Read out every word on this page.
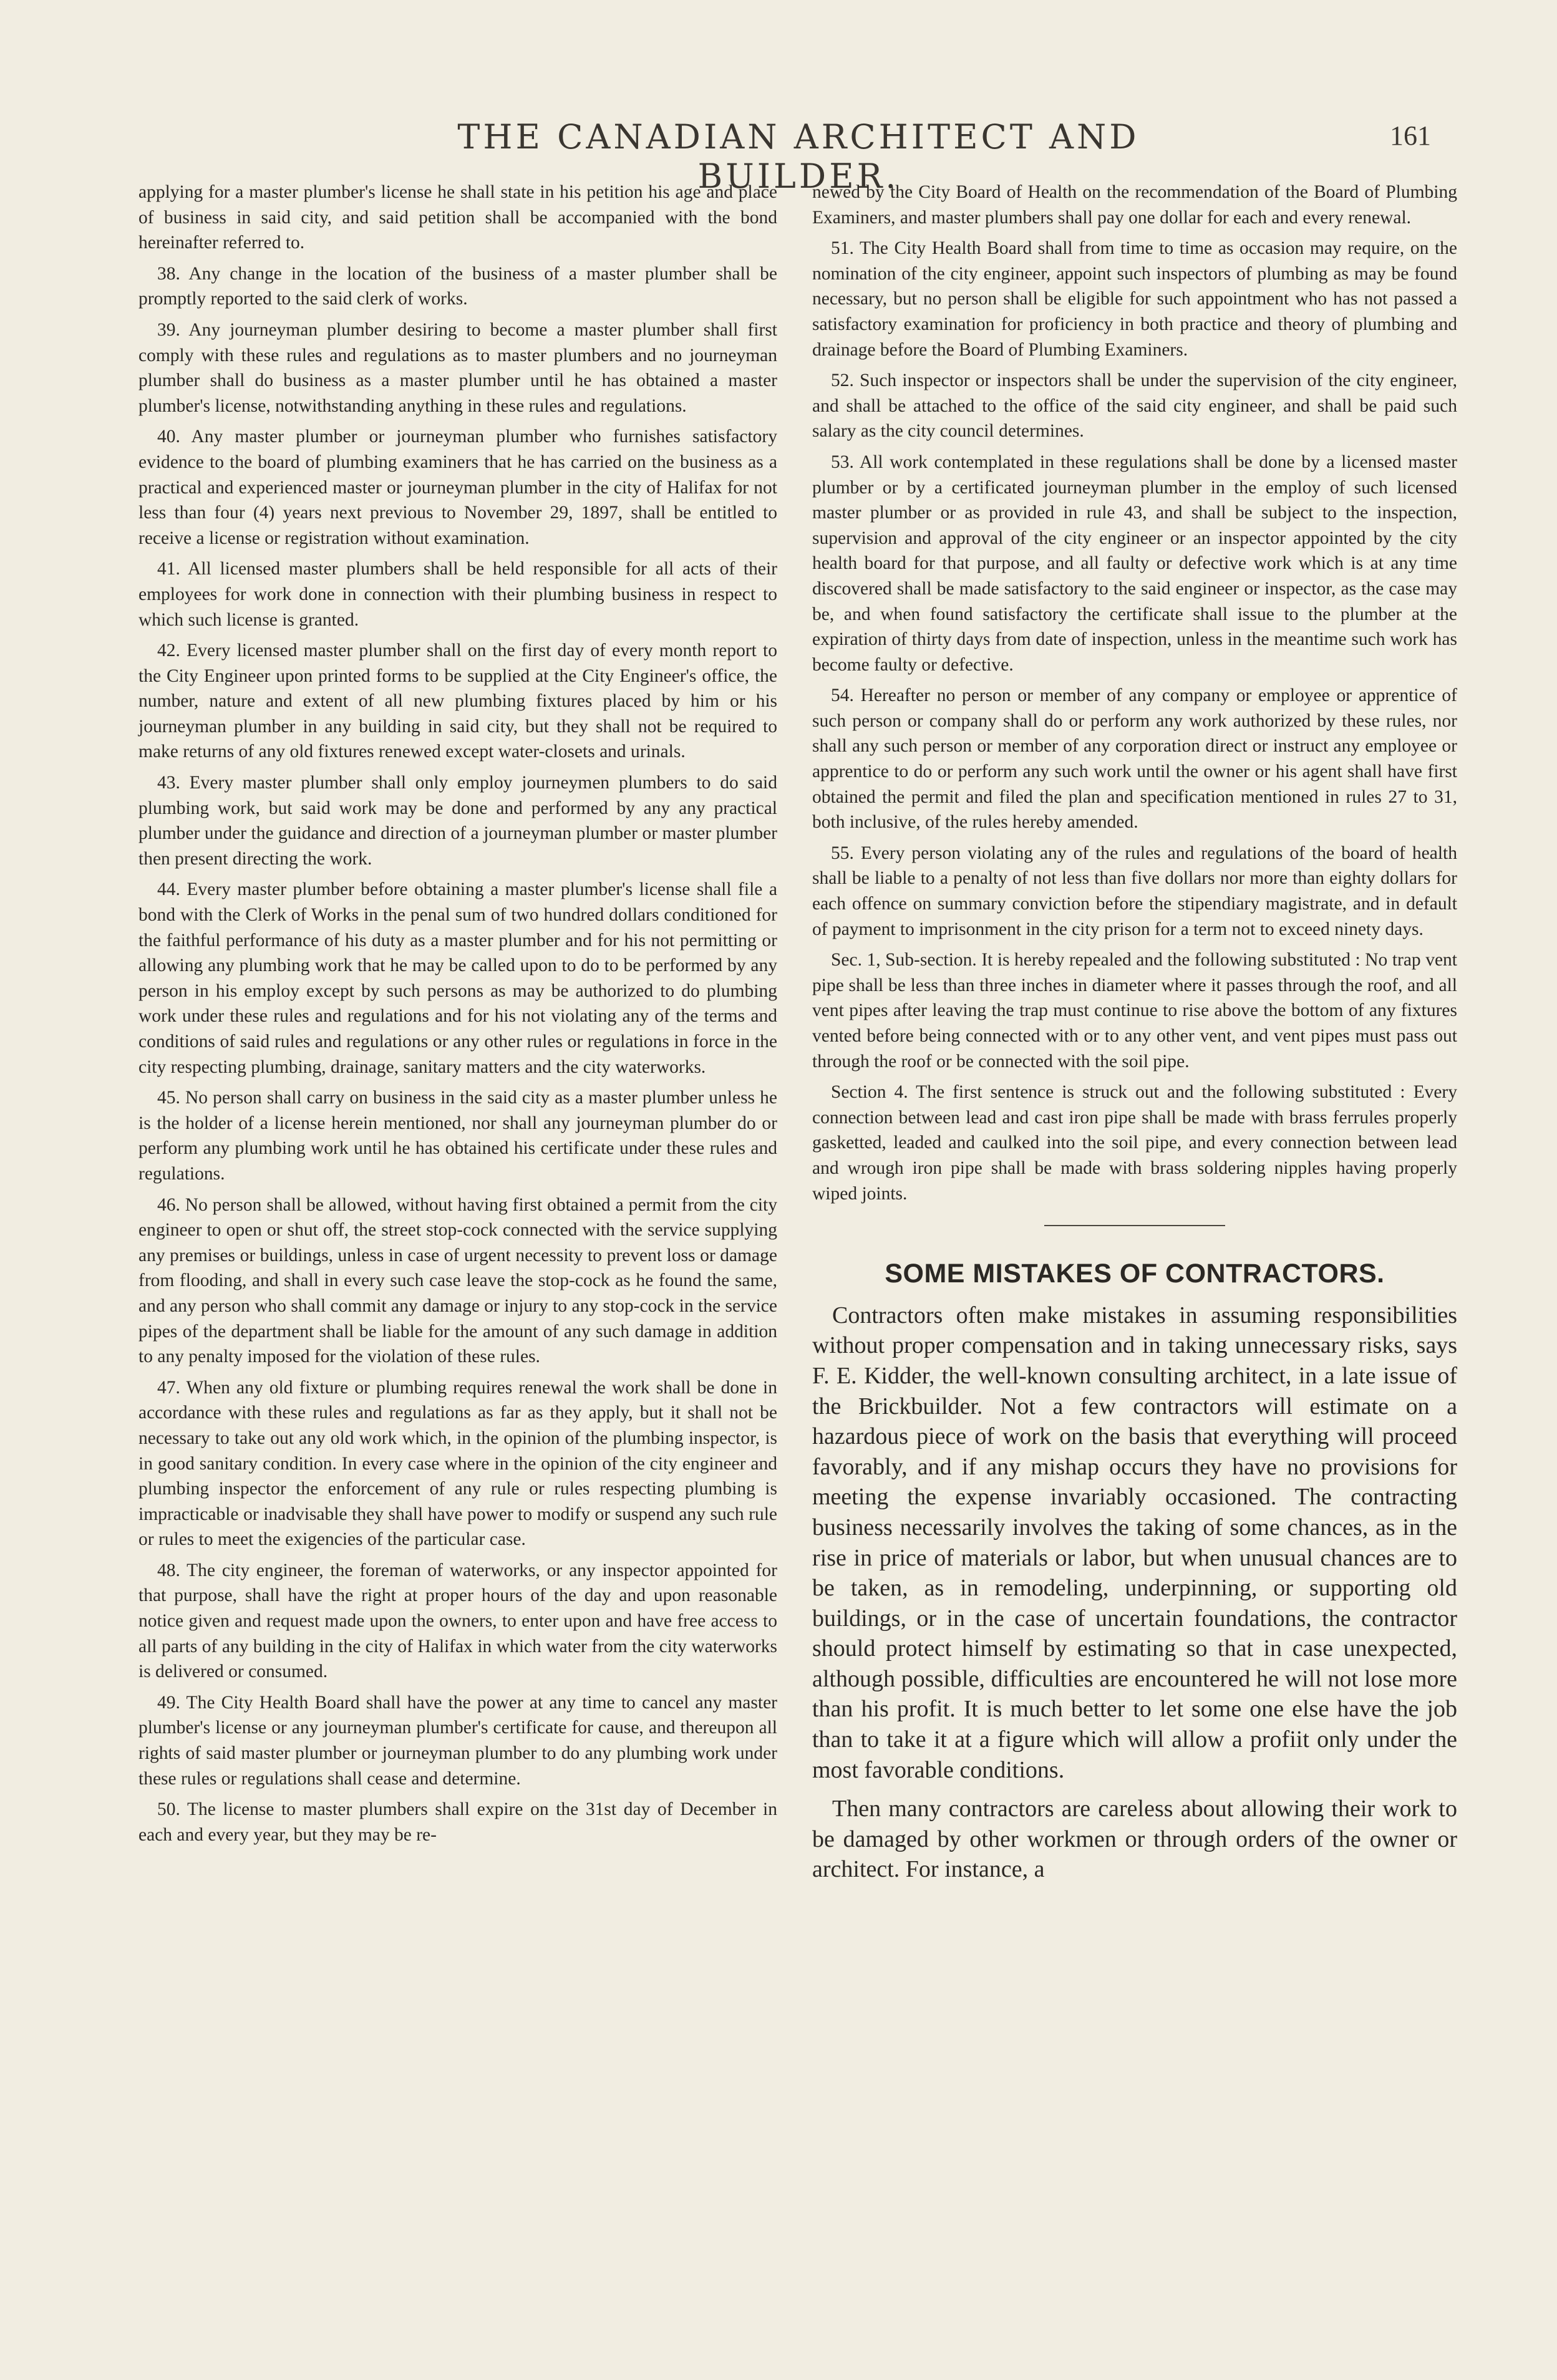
THE CANADIAN ARCHITECT AND BUILDER.
161

applying for a master plumber's license he shall state in his petition his age and place of business in said city, and said petition shall be accompanied with the bond hereinafter referred to.

38. Any change in the location of the business of a master plumber shall be promptly reported to the said clerk of works.

39. Any journeyman plumber desiring to become a master plumber shall first comply with these rules and regulations as to master plumbers and no journeyman plumber shall do business as a master plumber until he has obtained a master plumber's license, notwithstanding anything in these rules and regulations.

40. Any master plumber or journeyman plumber who furnishes satisfactory evidence to the board of plumbing examiners that he has carried on the business as a practical and experienced master or journeyman plumber in the city of Halifax for not less than four (4) years next previous to November 29, 1897, shall be entitled to receive a license or registration without examination.

41. All licensed master plumbers shall be held responsible for all acts of their employees for work done in connection with their plumbing business in respect to which such license is granted.

42. Every licensed master plumber shall on the first day of every month report to the City Engineer upon printed forms to be supplied at the City Engineer's office, the number, nature and extent of all new plumbing fixtures placed by him or his journeyman plumber in any building in said city, but they shall not be required to make returns of any old fixtures renewed except water-closets and urinals.

43. Every master plumber shall only employ journeymen plumbers to do said plumbing work, but said work may be done and performed by any any practical plumber under the guidance and direction of a journeyman plumber or master plumber then present directing the work.

44. Every master plumber before obtaining a master plumber's license shall file a bond with the Clerk of Works in the penal sum of two hundred dollars conditioned for the faithful performance of his duty as a master plumber and for his not permitting or allowing any plumbing work that he may be called upon to do to be performed by any person in his employ except by such persons as may be authorized to do plumbing work under these rules and regulations and for his not violating any of the terms and conditions of said rules and regulations or any other rules or regulations in force in the city respecting plumbing, drainage, sanitary matters and the city waterworks.

45. No person shall carry on business in the said city as a master plumber unless he is the holder of a license herein mentioned, nor shall any journeyman plumber do or perform any plumbing work until he has obtained his certificate under these rules and regulations.

46. No person shall be allowed, without having first obtained a permit from the city engineer to open or shut off, the street stop-cock connected with the service supplying any premises or buildings, unless in case of urgent necessity to prevent loss or damage from flooding, and shall in every such case leave the stop-cock as he found the same, and any person who shall commit any damage or injury to any stop-cock in the service pipes of the department shall be liable for the amount of any such damage in addition to any penalty imposed for the violation of these rules.

47. When any old fixture or plumbing requires renewal the work shall be done in accordance with these rules and regulations as far as they apply, but it shall not be necessary to take out any old work which, in the opinion of the plumbing inspector, is in good sanitary condition. In every case where in the opinion of the city engineer and plumbing inspector the enforcement of any rule or rules respecting plumbing is impracticable or inadvisable they shall have power to modify or suspend any such rule or rules to meet the exigencies of the particular case.

48. The city engineer, the foreman of waterworks, or any inspector appointed for that purpose, shall have the right at proper hours of the day and upon reasonable notice given and request made upon the owners, to enter upon and have free access to all parts of any building in the city of Halifax in which water from the city waterworks is delivered or consumed.

49. The City Health Board shall have the power at any time to cancel any master plumber's license or any journeyman plumber's certificate for cause, and thereupon all rights of said master plumber or journeyman plumber to do any plumbing work under these rules or regulations shall cease and determine.

50. The license to master plumbers shall expire on the 31st day of December in each and every year, but they may be re-

newed by the City Board of Health on the recommendation of the Board of Plumbing Examiners, and master plumbers shall pay one dollar for each and every renewal.

51. The City Health Board shall from time to time as occasion may require, on the nomination of the city engineer, appoint such inspectors of plumbing as may be found necessary, but no person shall be eligible for such appointment who has not passed a satisfactory examination for proficiency in both practice and theory of plumbing and drainage before the Board of Plumbing Examiners.

52. Such inspector or inspectors shall be under the supervision of the city engineer, and shall be attached to the office of the said city engineer, and shall be paid such salary as the city council determines.

53. All work contemplated in these regulations shall be done by a licensed master plumber or by a certificated journeyman plumber in the employ of such licensed master plumber or as provided in rule 43, and shall be subject to the inspection, supervision and approval of the city engineer or an inspector appointed by the city health board for that purpose, and all faulty or defective work which is at any time discovered shall be made satisfactory to the said engineer or inspector, as the case may be, and when found satisfactory the certificate shall issue to the plumber at the expiration of thirty days from date of inspection, unless in the meantime such work has become faulty or defective.

54. Hereafter no person or member of any company or employee or apprentice of such person or company shall do or perform any work authorized by these rules, nor shall any such person or member of any corporation direct or instruct any employee or apprentice to do or perform any such work until the owner or his agent shall have first obtained the permit and filed the plan and specification mentioned in rules 27 to 31, both inclusive, of the rules hereby amended.

55. Every person violating any of the rules and regulations of the board of health shall be liable to a penalty of not less than five dollars nor more than eighty dollars for each offence on summary conviction before the stipendiary magistrate, and in default of payment to imprisonment in the city prison for a term not to exceed ninety days.

Sec. 1, Sub-section. It is hereby repealed and the following substituted : No trap vent pipe shall be less than three inches in diameter where it passes through the roof, and all vent pipes after leaving the trap must continue to rise above the bottom of any fixtures vented before being connected with or to any other vent, and vent pipes must pass out through the roof or be connected with the soil pipe.

Section 4. The first sentence is struck out and the following substituted : Every connection between lead and cast iron pipe shall be made with brass ferrules properly gasketted, leaded and caulked into the soil pipe, and every connection between lead and wrough iron pipe shall be made with brass soldering nipples having properly wiped joints.

SOME MISTAKES OF CONTRACTORS.

Contractors often make mistakes in assuming responsibilities without proper compensation and in taking unnecessary risks, says F. E. Kidder, the well-known consulting architect, in a late issue of the Brickbuilder. Not a few contractors will estimate on a hazardous piece of work on the basis that everything will proceed favorably, and if any mishap occurs they have no provisions for meeting the expense invariably occasioned. The contracting business necessarily involves the taking of some chances, as in the rise in price of materials or labor, but when unusual chances are to be taken, as in remodeling, underpinning, or supporting old buildings, or in the case of uncertain foundations, the contractor should protect himself by estimating so that in case unexpected, although possible, difficulties are encountered he will not lose more than his profit. It is much better to let some one else have the job than to take it at a figure which will allow a profiit only under the most favorable conditions.

Then many contractors are careless about allowing their work to be damaged by other workmen or through orders of the owner or architect. For instance, a
